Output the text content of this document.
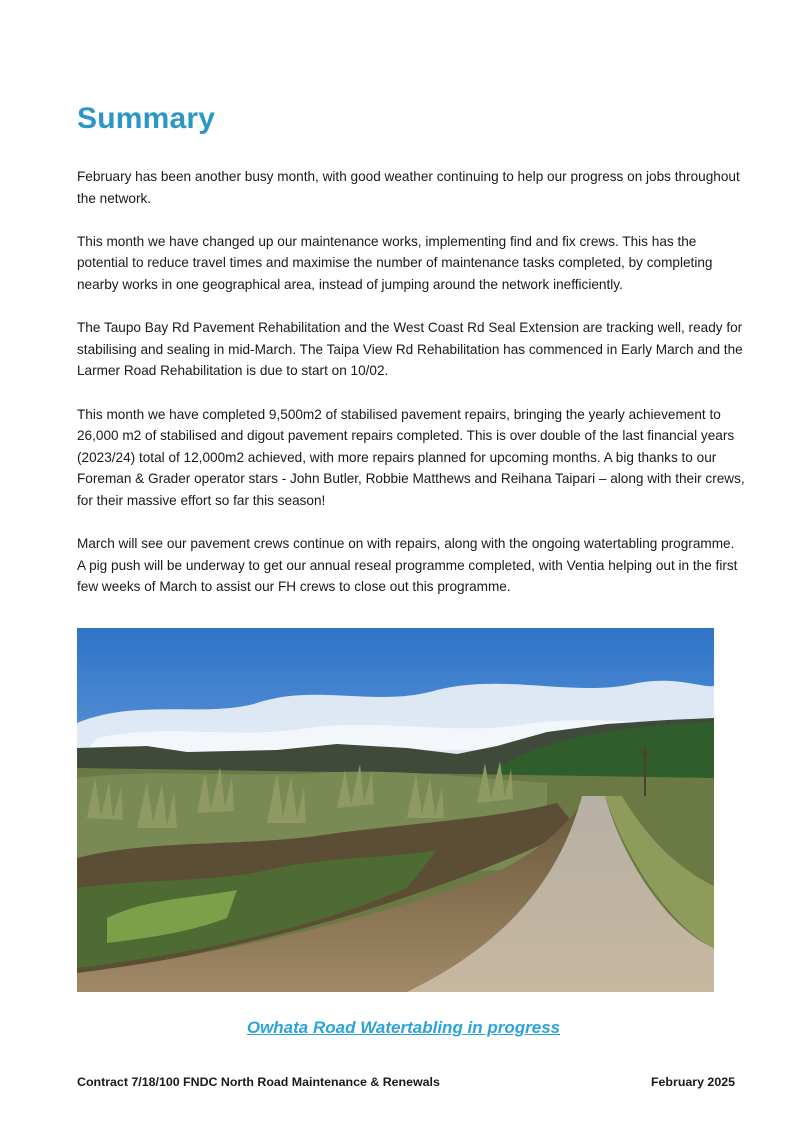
Summary

February has been another busy month, with good weather continuing to help our progress on jobs throughout the network.

This month we have changed up our maintenance works, implementing find and fix crews. This has the potential to reduce travel times and maximise the number of maintenance tasks completed, by completing nearby works in one geographical area, instead of jumping around the network inefficiently.

The Taupo Bay Rd Pavement Rehabilitation and the West Coast Rd Seal Extension are tracking well, ready for stabilising and sealing in mid-March. The Taipa View Rd Rehabilitation has commenced in Early March and the Larmer Road Rehabilitation is due to start on 10/02.

This month we have completed 9,500m2 of stabilised pavement repairs, bringing the yearly achievement to 26,000 m2 of stabilised and digout pavement repairs completed. This is over double of the last financial years (2023/24) total of 12,000m2 achieved, with more repairs planned for upcoming months. A big thanks to our Foreman & Grader operator stars - John Butler, Robbie Matthews and Reihana Taipari – along with their crews, for their massive effort so far this season!

March will see our pavement crews continue on with repairs, along with the ongoing watertabling programme.

A pig push will be underway to get our annual reseal programme completed, with Ventia helping out in the first few weeks of March to assist our FH crews to close out this programme.

Owhata Road Watertabling in progress
Contract 7/18/100 FNDC North Road Maintenance & Renewals	February 2025
